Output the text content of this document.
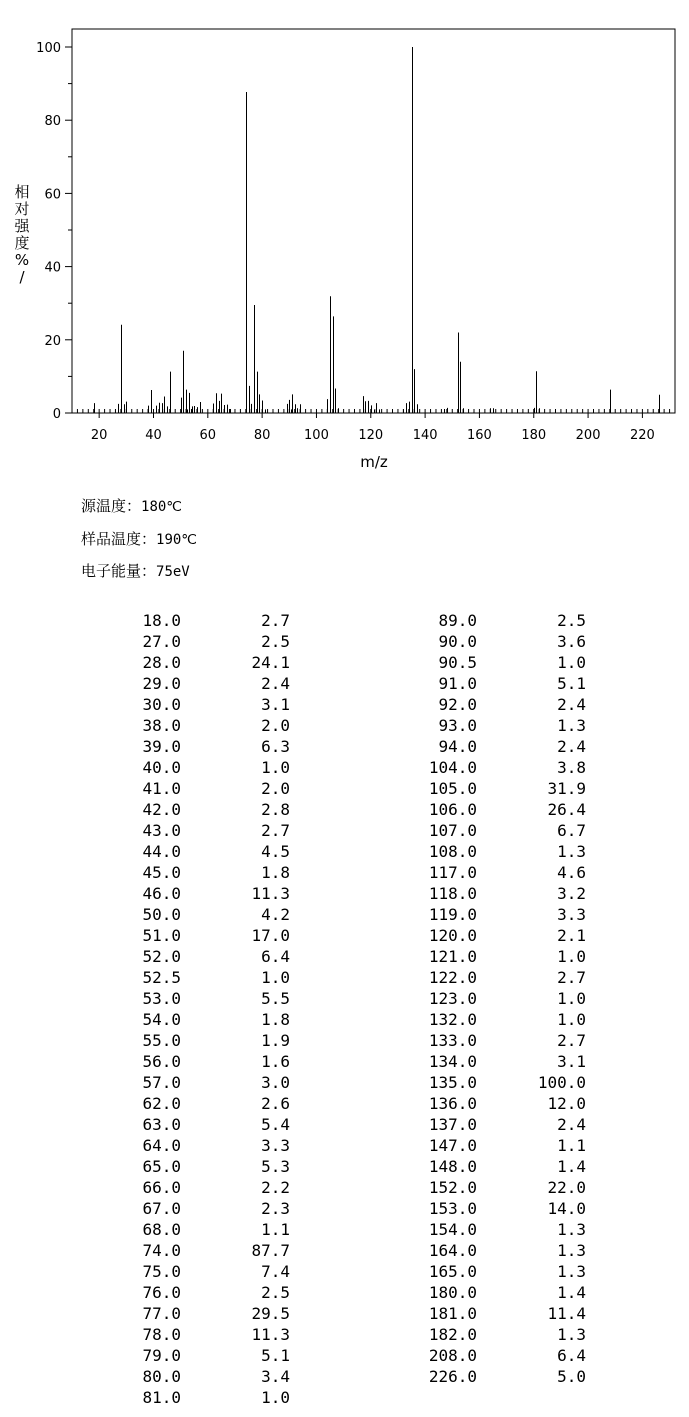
20	40	60	80	100 120 140 160 180 200 220
0
20
40
60
80
100
m/z
相对强度% /
源温度：180℃
样品温度：190℃
电子能量：75eV
18.0	2.7
27.0	2.5
28.0	24.1
29.0	2.4
30.0	3.1
38.0	2.0
39.0	6.3
40.0	1.0
41.0	2.0
42.0	2.8
43.0	2.7
44.0	4.5
45.0	1.8
46.0	11.3
50.0	4.2
51.0	17.0
52.0	6.4
52.5	1.0
53.0	5.5
54.0	1.8
55.0	1.9
56.0	1.6
57.0	3.0
62.0	2.6
63.0	5.4
64.0	3.3
65.0	5.3
66.0	2.2
67.0	2.3
68.0	1.1
74.0	87.7
75.0	7.4
76.0	2.5
77.0	29.5
78.0	11.3
79.0	5.1
80.0	3.4
81.0	1.0
89.0	2.5
90.0	3.6
90.5	1.0
91.0	5.1
92.0	2.4
93.0	1.3
94.0	2.4
104.0	3.8
105.0	31.9
106.0	26.4
107.0	6.7
108.0	1.3
117.0	4.6
118.0	3.2
119.0	3.3
120.0	2.1
121.0	1.0
122.0	2.7
123.0	1.0
132.0	1.0
133.0	2.7
134.0	3.1
135.0	100.0
136.0	12.0
137.0	2.4
147.0	1.1
148.0	1.4
152.0	22.0
153.0	14.0
154.0	1.3
164.0	1.3
165.0	1.3
180.0	1.4
181.0	11.4
182.0	1.3
208.0	6.4
226.0	5.0
